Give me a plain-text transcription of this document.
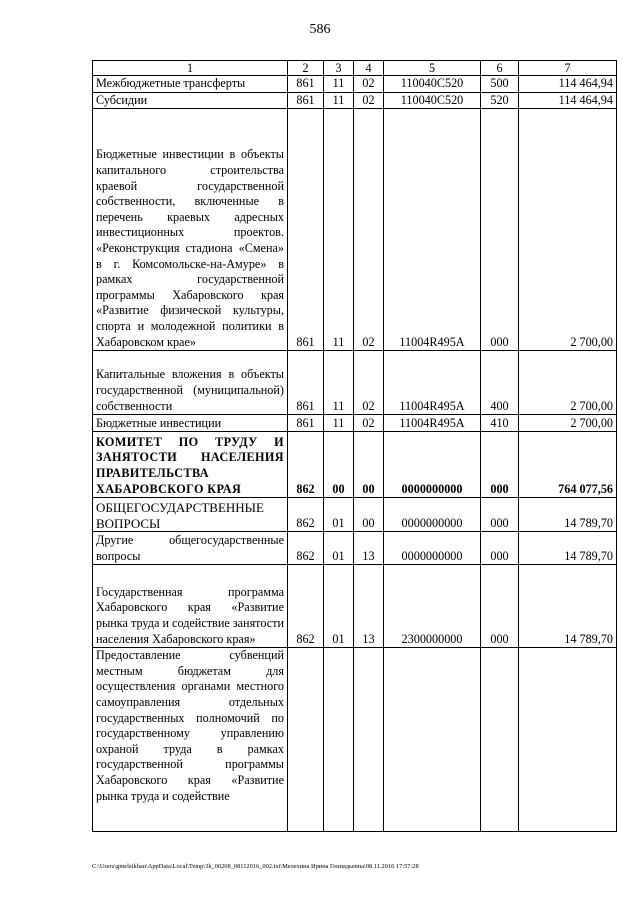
586
1	2	3	4	5	6	7
Межбюджетные трансферты	861	11	02	110040С520	500	114 464,94
Субсидии	861	11	02	110040С520	520	114 464,94
Бюджетные инвестиции в объекты капитального строительства краевой государственной собственности, включенные в перечень краевых адресных инвестиционных проектов. «Реконструкция стадиона «Смена» в г. Комсомольске-на-Амуре» в рамках государственной программы Хабаровского края «Развитие физической культуры, спорта и молодежной политики в Хабаровском крае»	861	11	02	11004R495A	000	2 700,00
Капитальные вложения в объекты государственной (муниципальной) собственности	861	11	02	11004R495A	400	2 700,00
Бюджетные инвестиции	861	11	02	11004R495A	410	2 700,00
КОМИТЕТ ПО ТРУДУ И ЗАНЯТОСТИ НАСЕЛЕНИЯ ПРАВИТЕЛЬСТВА ХАБАРОВСКОГО КРАЯ	862	00	00	0000000000	000	764 077,56
ОБЩЕГОСУДАРСТВЕННЫЕ ВОПРОСЫ	862	01	00	0000000000	000	14 789,70
Другие общегосударственные вопросы	862	01	13	0000000000	000	14 789,70
Государственная программа Хабаровского края «Развитие рынка труда и содействие занятости населения Хабаровского края»	862	01	13	2300000000	000	14 789,70
Предоставление субвенций местным бюджетам для осуществления органами местного самоуправления отдельных государственных полномочий по государственному управлению охраной труда в рамках государственной программы Хабаровского края «Развитие рынка труда и содействие						
C:\Users\gmeleikhan\AppData\Local\Temp\3k_00208_08112016_002.txt\Мелехина Ирина Геннадьевна\08.11.2016 17:57:28
